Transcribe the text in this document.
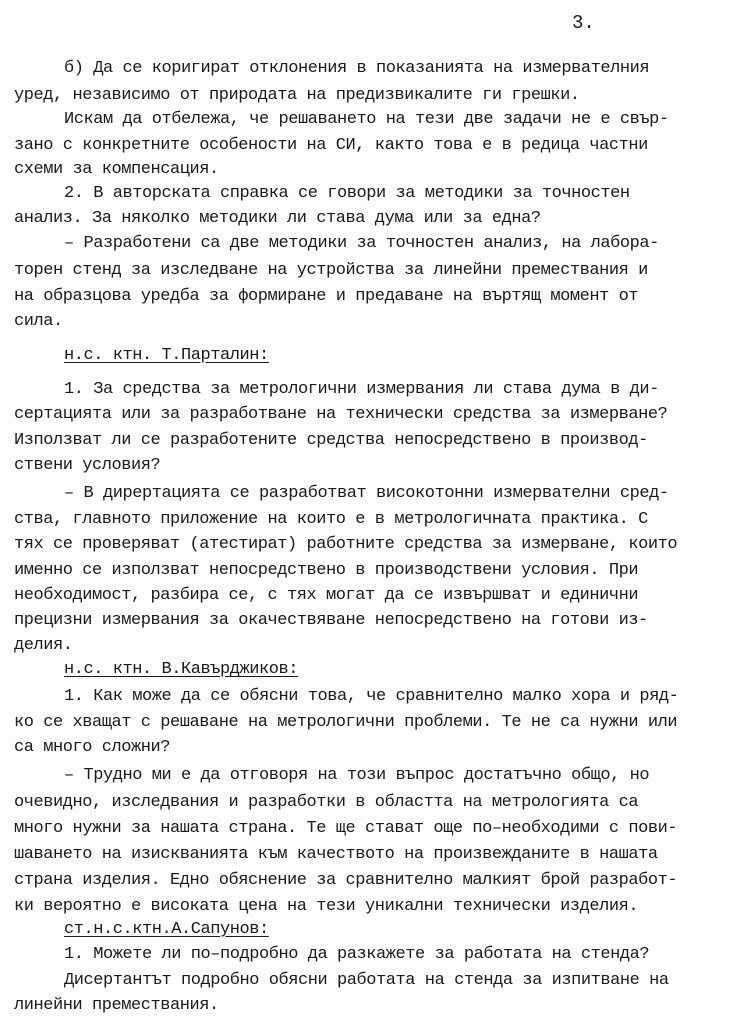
3.
б) Да се коригират отклонения в показанията на измервателния
уред, независимо от природата на предизвикалите ги грешки.
Искам да отбележа, че решаването на тези две задачи не е свър-
зано с конкретните особености на СИ, както това е в редица частни
схеми за компенсация.
2. В авторската справка се говори за методики за точностен
анализ. За няколко методики ли става дума или за една?
– Разработени са две методики за точностен анализ, на лабора-
торен стенд за изследване на устройства за линейни премествания и
на образцова уредба за формиране и предаване на въртящ момент от
сила.
н.с. ктн. Т.Парталин:
1. За средства за метрологични измервания ли става дума в ди-
сертацията или за разработване на технически средства за измерване?
Използват ли се разработените средства непосредствено в производ-
ствени условия?
– В дирертацията се разработват високотонни измервателни сред-
ства, главното приложение на които е в метрологичната практика. С
тях се проверяват (атестират) работните средства за измерване, които
именно се използват непосредствено в производствени условия. При
необходимост, разбира се, с тях могат да се извършват и единични
прецизни измервания за окачествяване непосредствено на готови из-
делия.
н.с. ктн. В.Кавърджиков:
1. Как може да се обясни това, че сравнително малко хора и ряд-
ко се хващат с решаване на метрологични проблеми. Те не са нужни или
са много сложни?
– Трудно ми е да отговоря на този въпрос достатъчно общо, но
очевидно, изследвания и разработки в областта на метрологията са
много нужни за нашата страна. Те ще стават още по–необходими с пови-
шаването на изискванията към качеството на произвежданите в нашата
страна изделия. Едно обяснение за сравнително малкият брой разработ-
ки вероятно е високата цена на тези уникални технически изделия.
ст.н.с.ктн.А.Сапунов:
1. Можете ли по–подробно да разкажете за работата на стенда?
Дисертантът подробно обясни работата на стенда за изпитване на
линейни премествания.
